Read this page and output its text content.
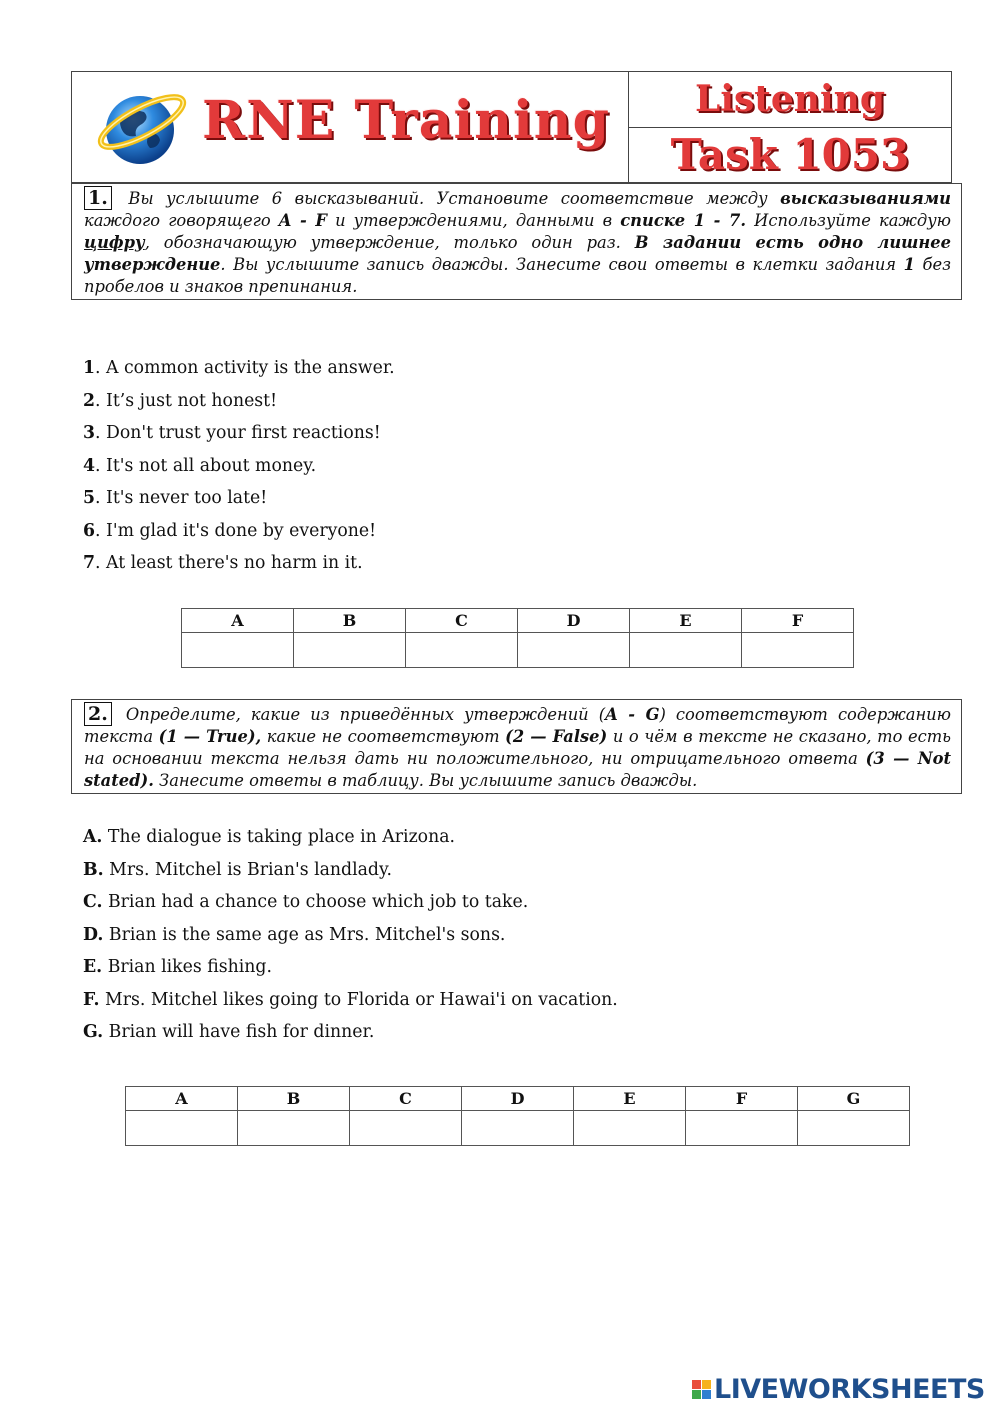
RNE Training Listening
Task 1053
1. Вы услышите 6 высказываний. Установите соответствие между высказываниями каждого говорящего A - F и утверждениями, данными в списке 1 - 7. Используйте каждую цифру, обозначающую утверждение, только один раз. В задании есть одно лишнее утверждение. Вы услышите запись дважды. Занесите свои ответы в клетки задания 1 без пробелов и знаков препинания.
1. A common activity is the answer.
2. It’s just not honest!
3. Don't trust your first reactions!
4. It's not all about money.
5. It's never too late!
6. I'm glad it's done by everyone!
7. At least there's no harm in it.
A	B	C	D	E	F

2. Определите, какие из приведённых утверждений (A - G) соответствуют содержанию текста (1 — True), какие не соответствуют (2 — False) и о чём в тексте не сказано, то есть на основании текста нельзя дать ни положительного, ни отрицательного ответа (3 — Not stated). Занесите ответы в таблицу. Вы услышите запись дважды.
A. The dialogue is taking place in Arizona.
B. Mrs. Mitchel is Brian's landlady.
C. Brian had a chance to choose which job to take.
D. Brian is the same age as Mrs. Mitchel's sons.
E. Brian likes fishing.
F. Mrs. Mitchel likes going to Florida or Hawai'i on vacation.
G. Brian will have fish for dinner.
A	B	C	D	E	F	G

LIVEWORKSHEETS
